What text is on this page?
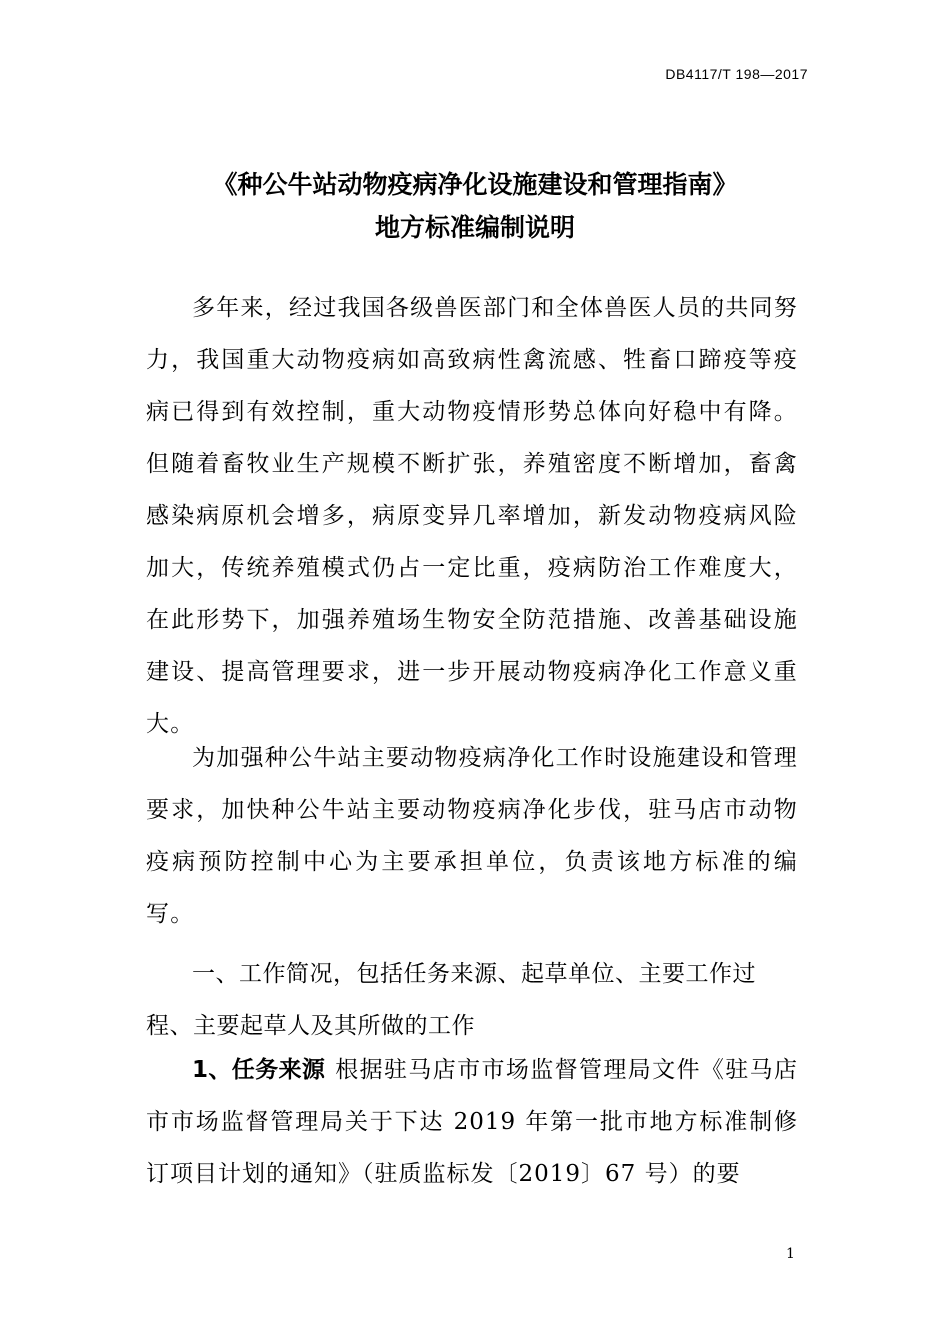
DB4117/T 198—2017
《种公牛站动物疫病净化设施建设和管理指南》
地方标准编制说明

多年来，经过我国各级兽医部门和全体兽医人员的共同努力，我国重大动物疫病如高致病性禽流感、牲畜口蹄疫等疫病已得到有效控制，重大动物疫情形势总体向好稳中有降。但随着畜牧业生产规模不断扩张，养殖密度不断增加，畜禽感染病原机会增多，病原变异几率增加，新发动物疫病风险加大，传统养殖模式仍占一定比重，疫病防治工作难度大，在此形势下，加强养殖场生物安全防范措施、改善基础设施建设、提高管理要求，进一步开展动物疫病净化工作意义重大。

为加强种公牛站主要动物疫病净化工作时设施建设和管理要求，加快种公牛站主要动物疫病净化步伐，驻马店市动物疫病预防控制中心为主要承担单位，负责该地方标准的编写。

一、工作简况，包括任务来源、起草单位、主要工作过程、主要起草人及其所做的工作

1、任务来源 根据驻马店市市场监督管理局文件《驻马店市市场监督管理局关于下达 2019 年第一批市地方标准制修订项目计划的通知》（驻质监标发〔2019〕67 号）的要

1
